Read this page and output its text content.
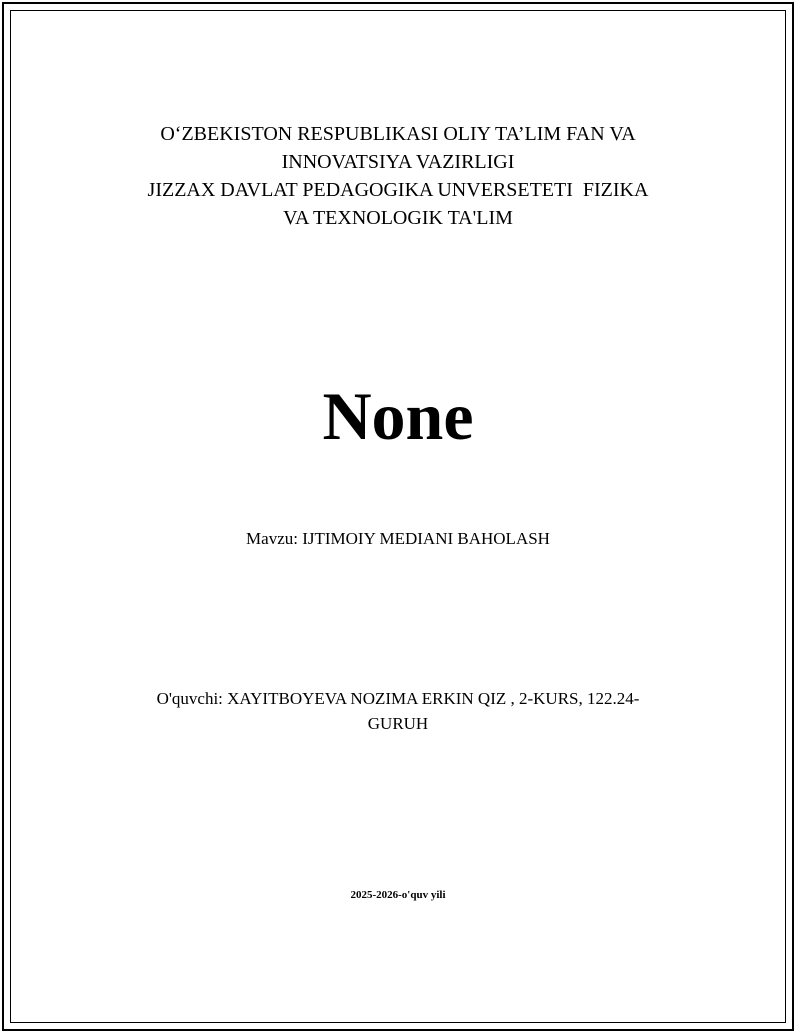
O‘ZBEKISTON RESPUBLIKASI OLIY TA’LIM FAN VA
INNOVATSIYA VAZIRLIGI
JIZZAX DAVLAT PEDAGOGIKA UNVERSETETI  FIZIKA
VA TEXNOLOGIK TA'LIM
None
Mavzu: IJTIMOIY MEDIANI BAHOLASH
O'quvchi: XAYITBOYEVA NOZIMA ERKIN QIZ , 2-KURS, 122.24-
GURUH
2025-2026-o'quv yili
